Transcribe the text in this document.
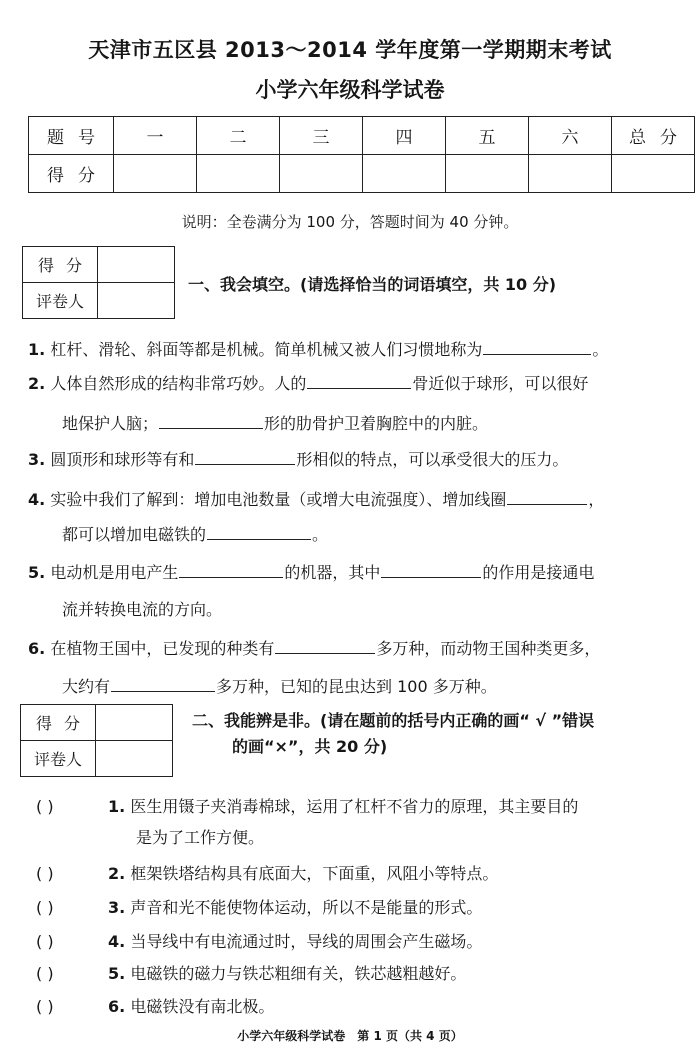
天津市五区县 2013～2014 学年度第一学期期末考试
小学六年级科学试卷
题号	一	二	三	四	五	六	总分
得分							
说明：全卷满分为 100 分，答题时间为 40 分钟。
得分	
评卷人	
一、我会填空。(请选择恰当的词语填空，共 10 分)
1. 杠杆、滑轮、斜面等都是机械。简单机械又被人们习惯地称为	。
2. 人体自然形成的结构非常巧妙。人的	骨近似于球形，可以很好
地保护人脑；	形的肋骨护卫着胸腔中的内脏。
3. 圆顶形和球形等有和	形相似的特点，可以承受很大的压力。
4. 实验中我们了解到：增加电池数量（或增大电流强度）、增加线圈	，
都可以增加电磁铁的	。
5. 电动机是用电产生	的机器，其中	的作用是接通电
流并转换电流的方向。
6. 在植物王国中，已发现的种类有	多万种，而动物王国种类更多，
大约有	多万种，已知的昆虫达到 100 多万种。
得分	
评卷人	
二、我能辨是非。(请在题前的括号内正确的画“ √ ”错误
的画“×”，共 20 分)
( )	1. 医生用镊子夹消毒棉球，运用了杠杆不省力的原理，其主要目的
是为了工作方便。
( )	2. 框架铁塔结构具有底面大，下面重，风阻小等特点。
( )	3. 声音和光不能使物体运动，所以不是能量的形式。
( )	4. 当导线中有电流通过时，导线的周围会产生磁场。
( )	5. 电磁铁的磁力与铁芯粗细有关，铁芯越粗越好。
( )	6. 电磁铁没有南北极。
小学六年级科学试卷　第 1 页（共 4 页）
